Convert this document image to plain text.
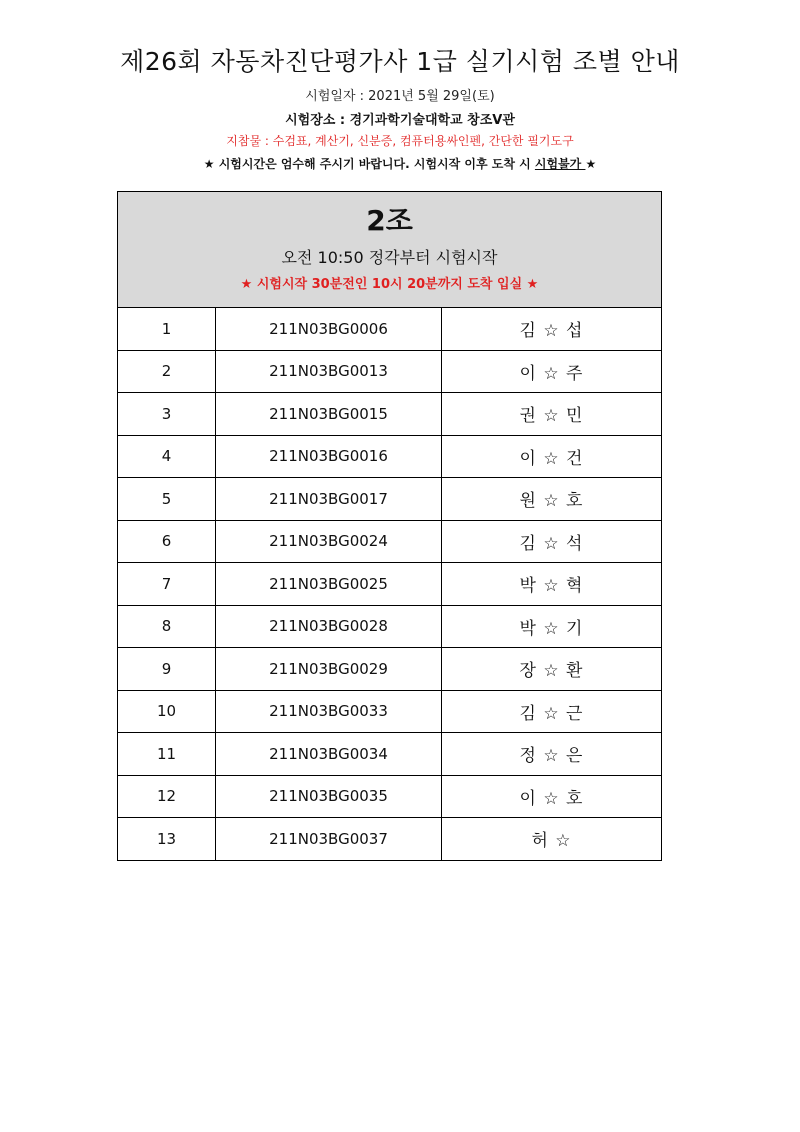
제26회 자동차진단평가사 1급 실기시험 조별 안내
시험일자 : 2021년 5월 29일(토)
시험장소 : 경기과학기술대학교 창조V관
지참물 : 수검표, 계산기, 신분증, 컴퓨터용싸인펜, 간단한 필기도구
★ 시험시간은 엄수해 주시기 바랍니다. 시험시작 이후 도착 시 시험불가 ★
2조
오전 10:50 정각부터 시험시작
★ 시험시작 30분전인 10시 20분까지 도착 입실 ★
1	211N03BG0006	김 ☆ 섭
2	211N03BG0013	이 ☆ 주
3	211N03BG0015	권 ☆ 민
4	211N03BG0016	이 ☆ 건
5	211N03BG0017	원 ☆ 호
6	211N03BG0024	김 ☆ 석
7	211N03BG0025	박 ☆ 혁
8	211N03BG0028	박 ☆ 기
9	211N03BG0029	장 ☆ 환
10	211N03BG0033	김 ☆ 근
11	211N03BG0034	정 ☆ 은
12	211N03BG0035	이 ☆ 호
13	211N03BG0037	허 ☆
